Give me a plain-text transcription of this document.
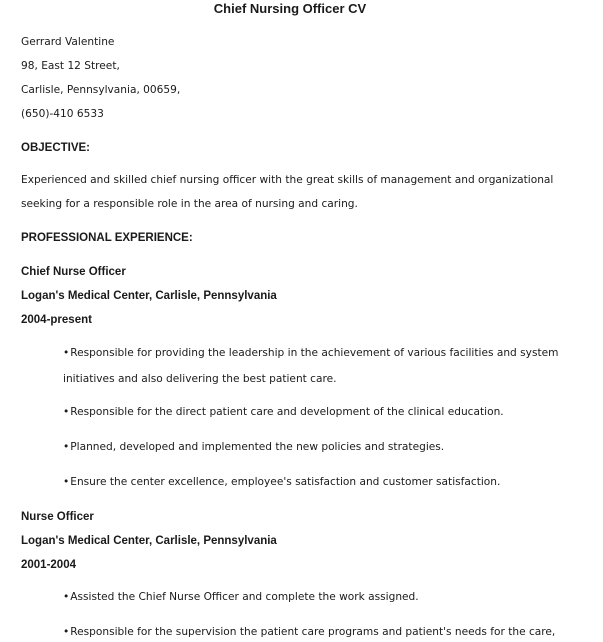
Chief Nursing Officer CV
Gerrard Valentine
98, East 12 Street,
Carlisle, Pennsylvania, 00659,
(650)-410 6533
OBJECTIVE:
Experienced and skilled chief nursing officer with the great skills of management and organizational
seeking for a responsible role in the area of nursing and caring.
PROFESSIONAL EXPERIENCE:
Chief Nurse Officer
Logan's Medical Center, Carlisle, Pennsylvania
2004-present
•Responsible for providing the leadership in the achievement of various facilities and system
initiatives and also delivering the best patient care.
•Responsible for the direct patient care and development of the clinical education.
•Planned, developed and implemented the new policies and strategies.
•Ensure the center excellence, employee's satisfaction and customer satisfaction.
Nurse Officer
Logan's Medical Center, Carlisle, Pennsylvania
2001-2004
•Assisted the Chief Nurse Officer and complete the work assigned.
•Responsible for the supervision the patient care programs and patient's needs for the care,
